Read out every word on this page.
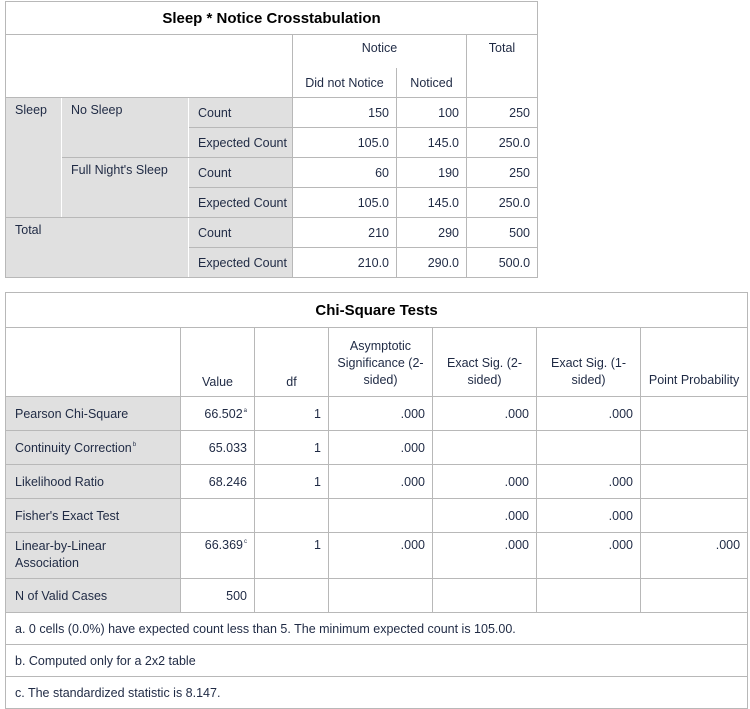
Sleep * Notice Crosstabulation					
			Notice		Total
			Did not Notice	Noticed	
Sleep	No Sleep	Count	150	100	250
		Expected Count	105.0	145.0	250.0
	Full Night's Sleep	Count	60	190	250
		Expected Count	105.0	145.0	250.0
Total		Count	210	290	500
		Expected Count	210.0	290.0	500.0
Chi-Square Tests						
	Value	df	Asymptotic Significance (2-sided)	Exact Sig. (2-sided)	Exact Sig. (1-sided)	Point Probability
Pearson Chi-Square	66.502$^a$	1	.000	.000	.000	
Continuity Correction$^b$	65.033	1	.000			
Likelihood Ratio	68.246	1	.000	.000	.000	
Fisher's Exact Test				.000	.000	
Linear-by-Linear Association	66.369$^c$	1	.000	.000	.000	.000
N of Valid Cases	500					
a. 0 cells (0.0%) have expected count less than 5. The minimum expected count is 105.00.						
b. Computed only for a 2x2 table						
c. The standardized statistic is 8.147.						
